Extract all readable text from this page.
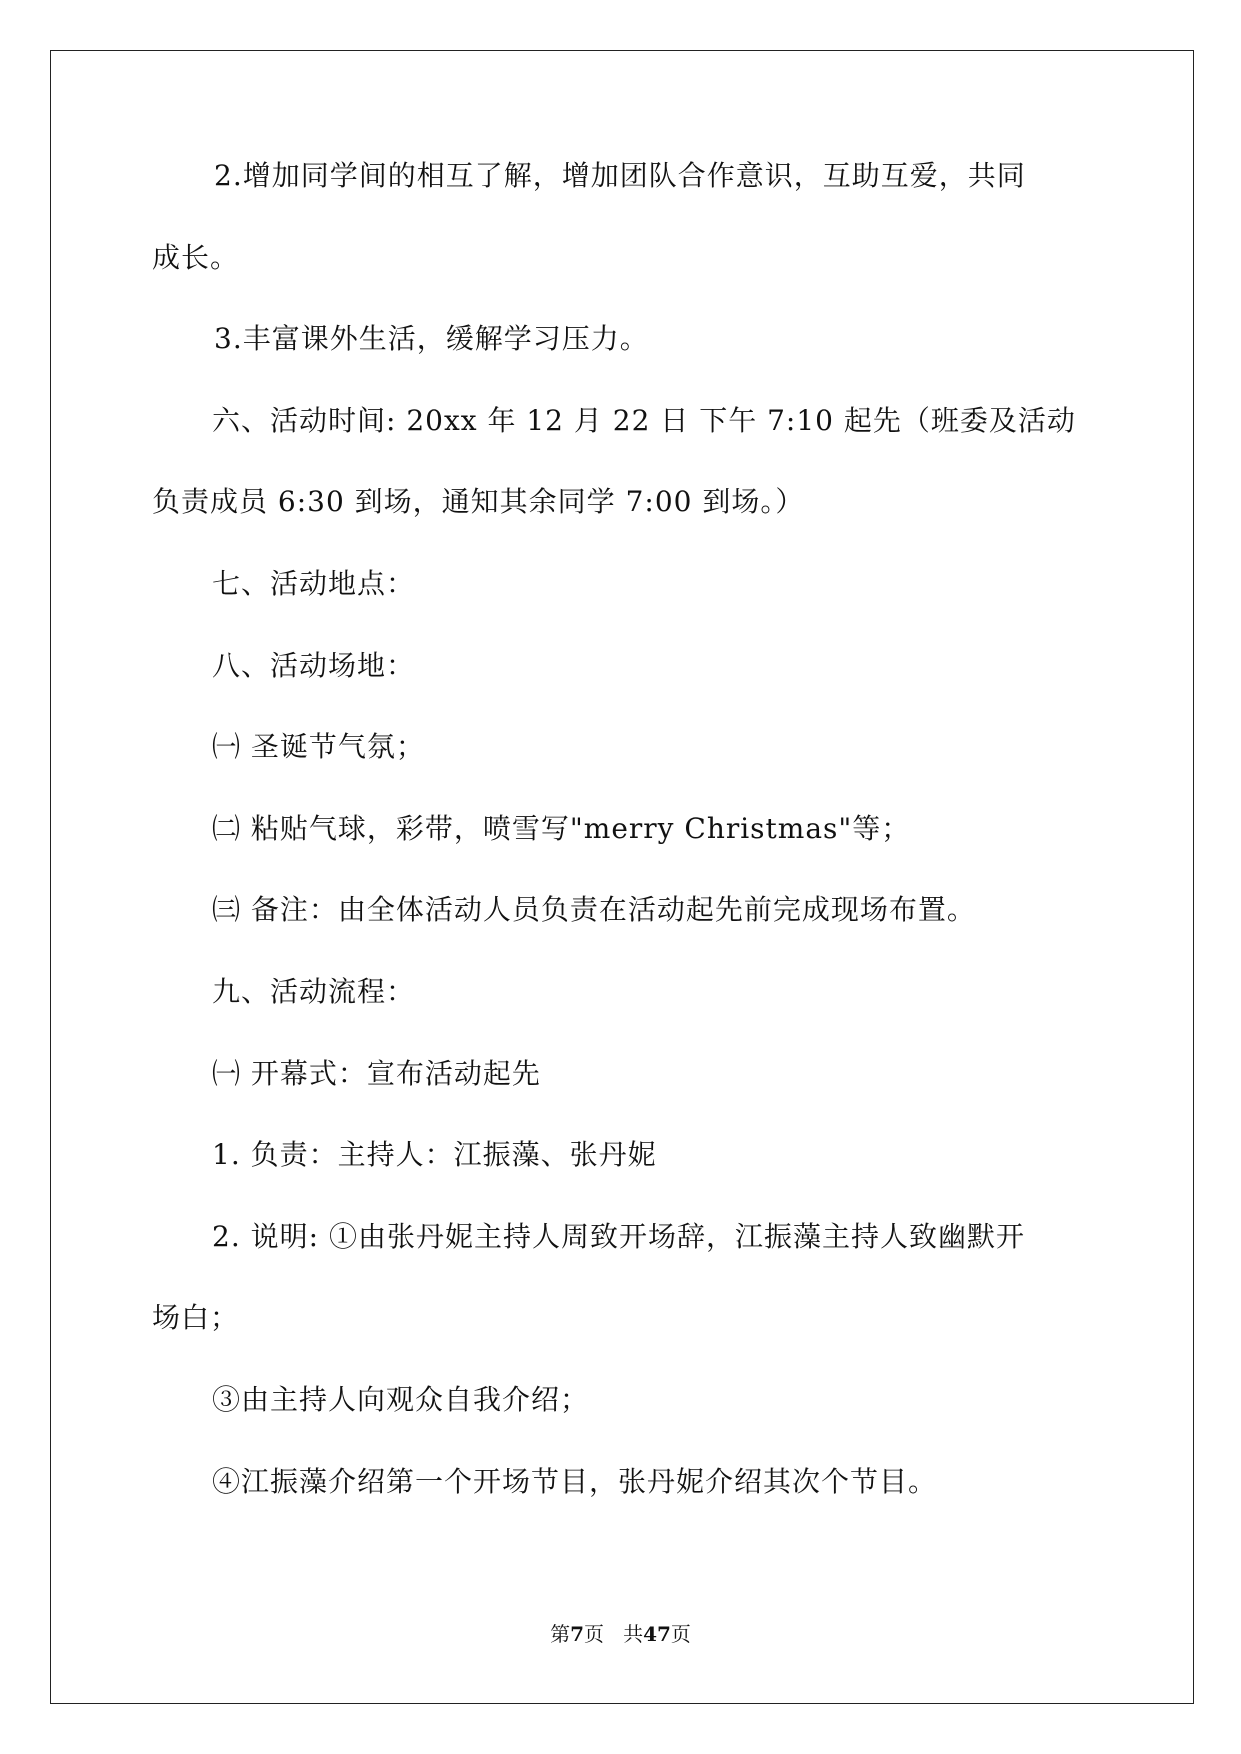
2.增加同学间的相互了解，增加团队合作意识，互助互爱，共同
成长。
3.丰富课外生活，缓解学习压力。
六、活动时间: 20xx 年 12 月 22 日 下午 7:10 起先（班委及活动
负责成员 6:30 到场，通知其余同学 7:00 到场。）
七、活动地点：
八、活动场地：
㈠ 圣诞节气氛；
㈡ 粘贴气球，彩带，喷雪写"merry Christmas"等；
㈢ 备注：由全体活动人员负责在活动起先前完成现场布置。
九、活动流程：
㈠ 开幕式：宣布活动起先
1. 负责：主持人：江振藻、张丹妮
2. 说明: ①由张丹妮主持人周致开场辞，江振藻主持人致幽默开
场白；
③由主持人向观众自我介绍；
④江振藻介绍第一个开场节目，张丹妮介绍其次个节目。
第7页 共47页
